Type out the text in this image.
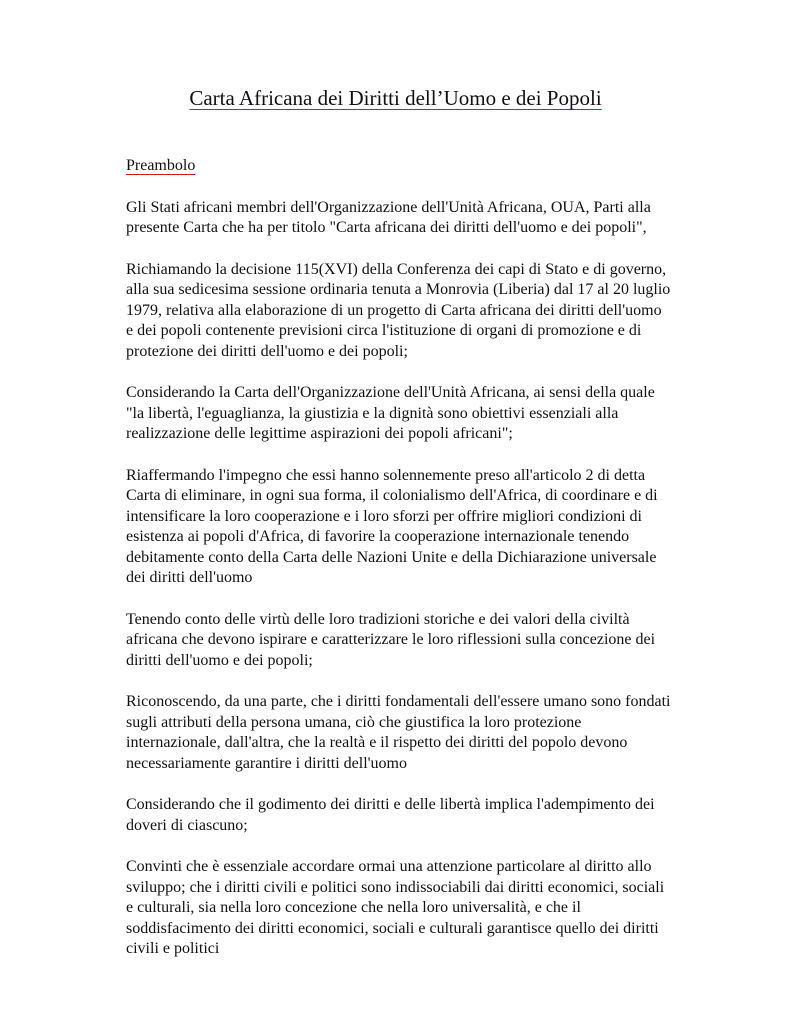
Carta Africana dei Diritti dell’Uomo e dei Popoli
Preambolo

Gli Stati africani membri dell'Organizzazione dell'Unità Africana, OUA, Parti alla presente Carta che ha per titolo "Carta africana dei diritti dell'uomo e dei popoli",

Richiamando la decisione 115(XVI) della Conferenza dei capi di Stato e di governo, alla sua sedicesima sessione ordinaria tenuta a Monrovia (Liberia) dal 17 al 20 luglio 1979, relativa alla elaborazione di un progetto di Carta africana dei diritti dell'uomo e dei popoli contenente previsioni circa l'istituzione di organi di promozione e di protezione dei diritti dell'uomo e dei popoli;

Considerando la Carta dell'Organizzazione dell'Unità Africana, ai sensi della quale "la libertà, l'eguaglianza, la giustizia e la dignità sono obiettivi essenziali alla realizzazione delle legittime aspirazioni dei popoli africani";

Riaffermando l'impegno che essi hanno solennemente preso all'articolo 2 di detta Carta di eliminare, in ogni sua forma, il colonialismo dell'Africa, di coordinare e di intensificare la loro cooperazione e i loro sforzi per offrire migliori condizioni di esistenza ai popoli d'Africa, di favorire la cooperazione internazionale tenendo debitamente conto della Carta delle Nazioni Unite e della Dichiarazione universale dei diritti dell'uomo

Tenendo conto delle virtù delle loro tradizioni storiche e dei valori della civiltà africana che devono ispirare e caratterizzare le loro riflessioni sulla concezione dei diritti dell'uomo e dei popoli;

Riconoscendo, da una parte, che i diritti fondamentali dell'essere umano sono fondati sugli attributi della persona umana, ciò che giustifica la loro protezione internazionale, dall'altra, che la realtà e il rispetto dei diritti del popolo devono necessariamente garantire i diritti dell'uomo

Considerando che il godimento dei diritti e delle libertà implica l'adempimento dei doveri di ciascuno;

Convinti che è essenziale accordare ormai una attenzione particolare al diritto allo sviluppo; che i diritti civili e politici sono indissociabili dai diritti economici, sociali e culturali, sia nella loro concezione che nella loro universalità, e che il soddisfacimento dei diritti economici, sociali e culturali garantisce quello dei diritti civili e politici
